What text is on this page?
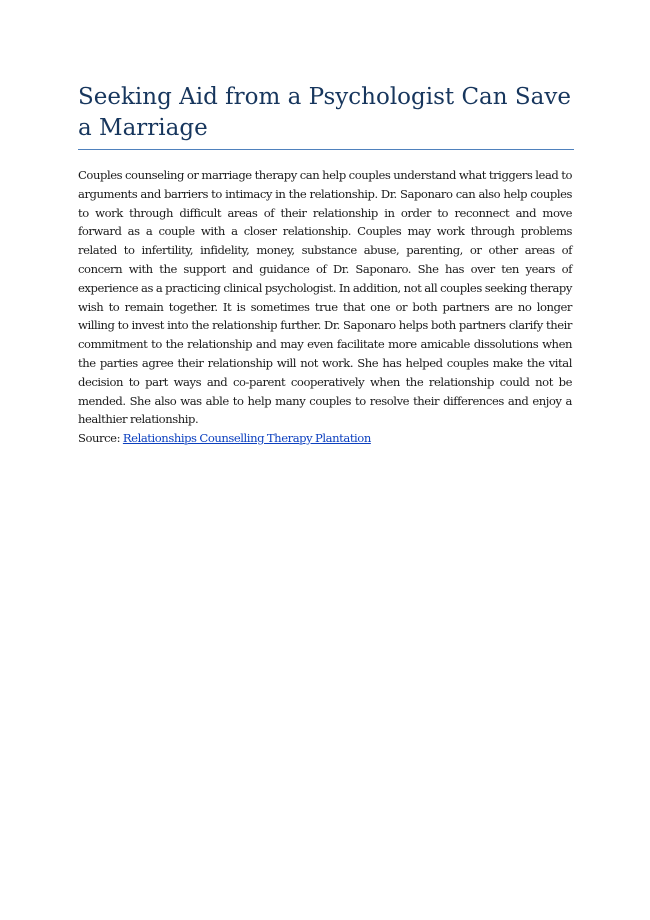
Seeking Aid from a Psychologist Can Save a Marriage

Couples counseling or marriage therapy can help couples understand what triggers lead to arguments and barriers to intimacy in the relationship. Dr. Saponaro can also help couples to work through difficult areas of their relationship in order to reconnect and move forward as a couple with a closer relationship. Couples may work through problems related to infertility, infidelity, money, substance abuse, parenting, or other areas of concern with the support and guidance of Dr. Saponaro. She has over ten years of experience as a practicing clinical psychologist. In addition, not all couples seeking therapy wish to remain together. It is sometimes true that one or both partners are no longer willing to invest into the relationship further. Dr. Saponaro helps both partners clarify their commitment to the relationship and may even facilitate more amicable dissolutions when the parties agree their relationship will not work. She has helped couples make the vital decision to part ways and co-parent cooperatively when the relationship could not be mended. She also was able to help many couples to resolve their differences and enjoy a healthier relationship.

Source: Relationships Counselling Therapy Plantation
